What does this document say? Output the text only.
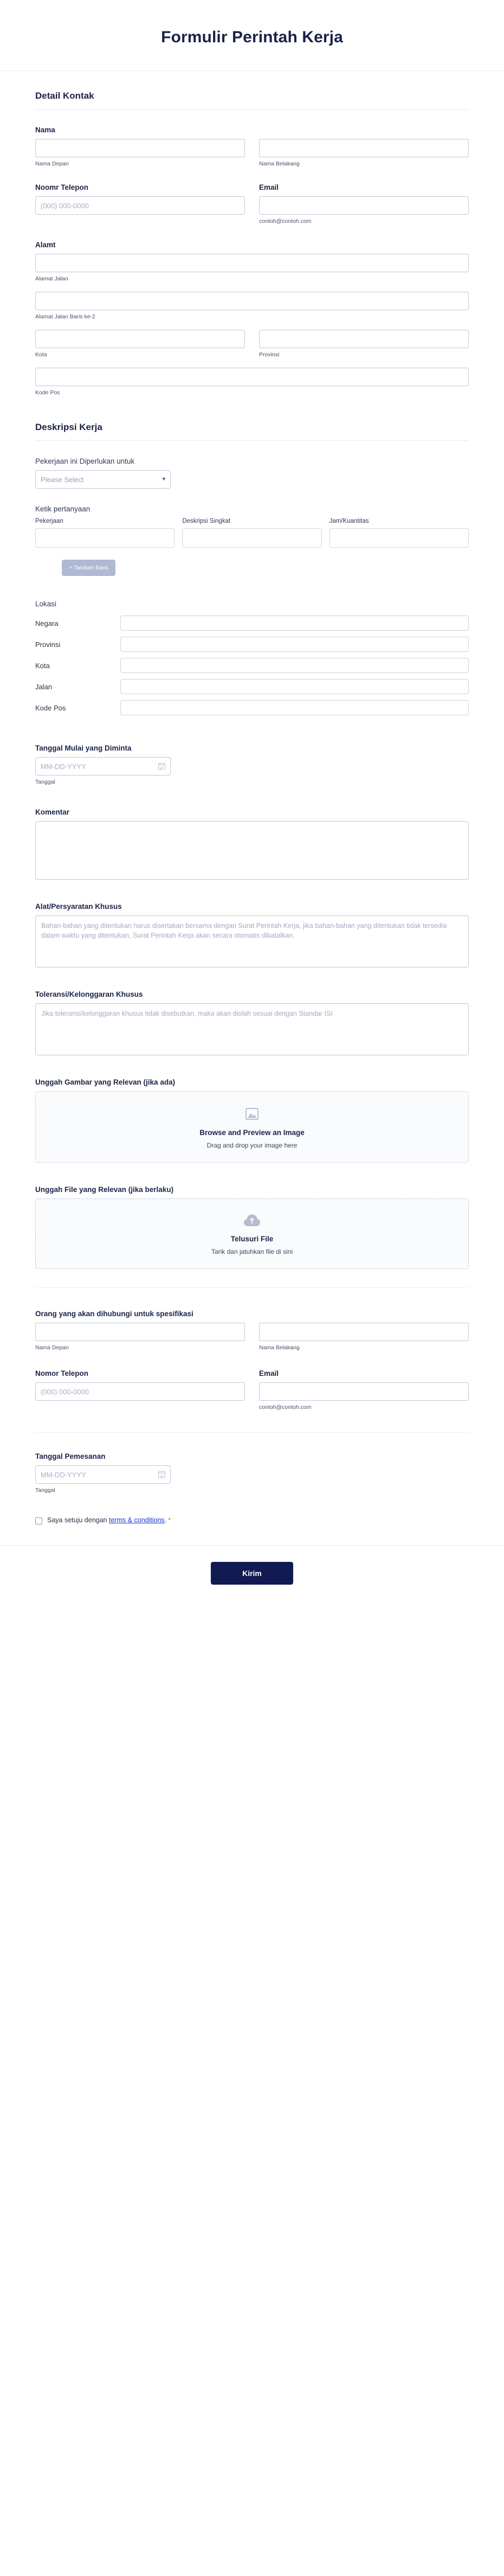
Formulir Perintah Kerja
Detail Kontak
Nama
Nama Depan	Nama Belakang
Noomr Telepon
(000) 000-0000	Email
contoh@contoh.com
Alamt
Alamat Jalan
Alamat Jalan Baris ke-2
Kota	Provinsi
Kode Pos
Deskripsi Kerja
Pekerjaan ini Diperlukan untuk
Please Select
▾
Ketik pertanyaan
Pekerjaan	Deskripsi Singkat	Jam/Kuantitas
+ Tambah Baris
Lokasi
Negara
Provinsi
Kota
Jalan
Kode Pos
Tanggal Mulai yang Diminta
MM-DD-YYYY
Tanggal
Komentar
Alat/Persyaratan Khusus
Bahan-bahan yang ditentukan harus disertakan bersama dengan Surat Perintah Kerja, jika bahan-bahan yang ditentukan tidak tersedia dalam waktu yang ditentukan, Surat Perintah Kerja akan secara otomatis dibatalkan.
Toleransi/Kelonggaran Khusus
Jika toleransi/kelonggaran khusus tidak disebutkan, maka akan diolah sesuai dengan Standar ISI
Unggah Gambar yang Relevan (jika ada)
Browse and Preview an Image
Drag and drop your image here
Unggah File yang Relevan (jika berlaku)
Telusuri File
Tarik dan jatuhkan file di sini
Orang yang akan dihubungi untuk spesifikasi
Nama Depan	Nama Belakang
Nomor Telepon
(000) 000-0000	Email
contoh@contoh.com
Tanggal Pemesanan
MM-DD-YYYY
Tanggal
Saya setuju dengan terms & conditions. *
Kirim
